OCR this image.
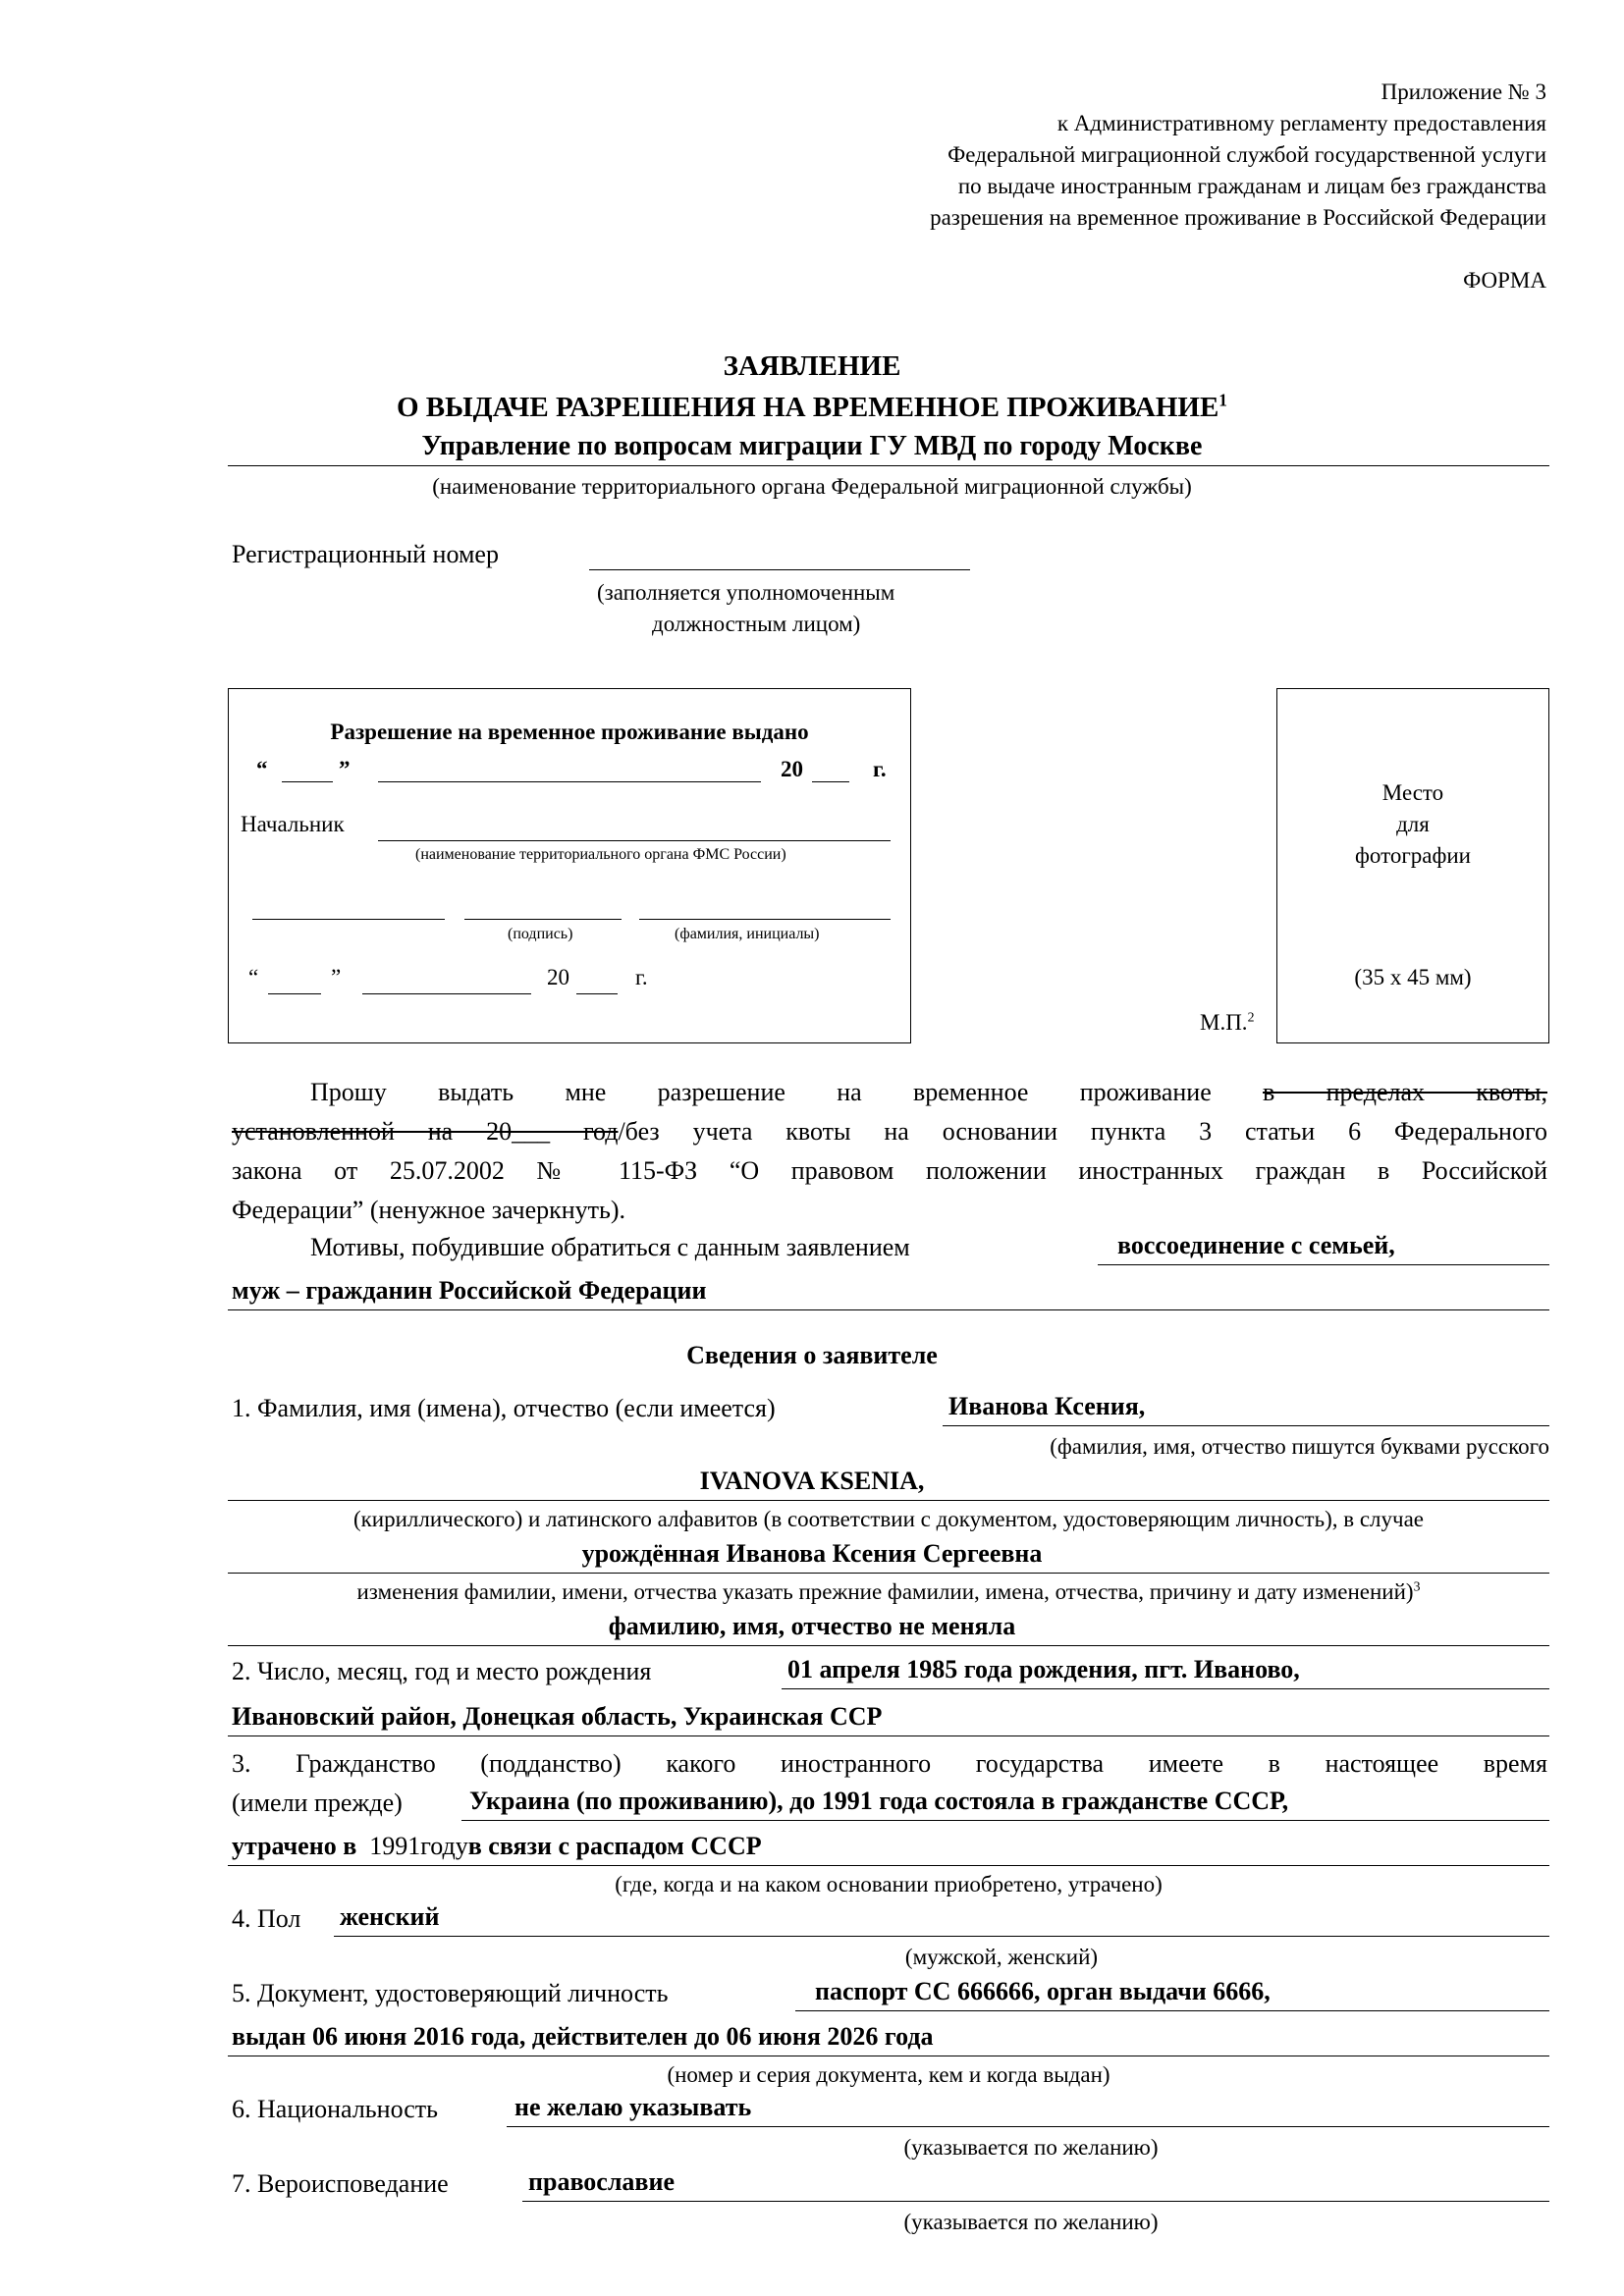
Приложение № 3
к Административному регламенту предоставления
Федеральной миграционной службой государственной услуги
по выдаче иностранным гражданам и лицам без гражданства
разрешения на временное проживание в Российской Федерации
ФОРМА
ЗАЯВЛЕНИЕ
О ВЫДАЧЕ РАЗРЕШЕНИЯ НА ВРЕМЕННОЕ ПРОЖИВАНИЕ$^1$
Управление по вопросам миграции ГУ МВД по городу Москве
(наименование территориального органа Федеральной миграционной службы)
Регистрационный номер
(заполняется уполномоченным
должностным лицом)
Разрешение на временное проживание выдано
“	”	20	г.
Начальник
(наименование территориального органа ФМС России)
(подпись)	(фамилия, инициалы)
“	”	20	г.
М.П.$^2$
Место
для
фотографии
(35 x 45 мм)
Прошу выдать мне разрешение на временное проживание в пределах квоты,
установленной на 20___ год/без учета квоты на основании пункта 3 статьи 6 Федерального
закона от 25.07.2002 № 115-ФЗ “О правовом положении иностранных граждан в Российской
Федерации” (ненужное зачеркнуть).
Мотивы, побудившие обратиться с данным заявлением	воссоединение с семьей,
муж – гражданин Российской Федерации
Сведения о заявителе
1. Фамилия, имя (имена), отчество (если имеется)	Иванова Ксения,
(фамилия, имя, отчество пишутся буквами русского
IVANOVA KSENIA,
(кириллического) и латинского алфавитов (в соответствии с документом, удостоверяющим личность), в случае
урождённая Иванова Ксения Сергеевна
изменения фамилии, имени, отчества указать прежние фамилии, имена, отчества, причину и дату изменений)$^3$
фамилию, имя, отчество не меняла
2. Число, месяц, год и место рождения	01 апреля 1985 года рождения, пгт. Иваново,
Ивановский район, Донецкая область, Украинская ССР
3. Гражданство (подданство) какого иностранного государства имеете в настоящее время
(имели прежде)	Украина (по проживанию), до 1991 года состояла в гражданстве СССР,
утрачено в 1991годув связи с распадом СССР
(где, когда и на каком основании приобретено, утрачено)
4. Пол женский
(мужской, женский)
5. Документ, удостоверяющий личность	паспорт СС 666666, орган выдачи 6666,
выдан 06 июня 2016 года, действителен до 06 июня 2026 года
(номер и серия документа, кем и когда выдан)
6. Национальность	не желаю указывать
(указывается по желанию)
7. Вероисповедание	православие
(указывается по желанию)
